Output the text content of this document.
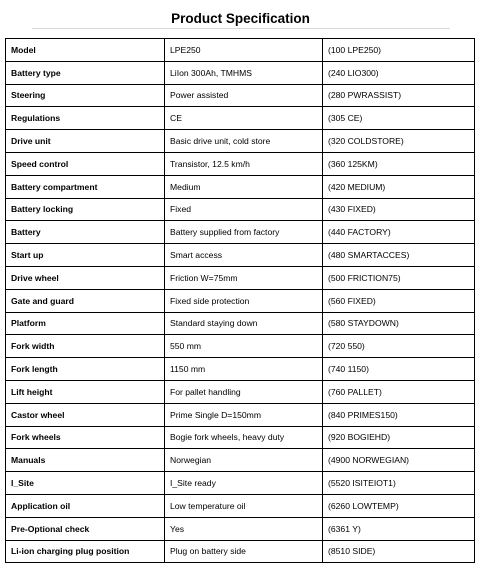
Product Specification
Model	LPE250	(100 LPE250)
Battery type	LiIon 300Ah, TMHMS	(240 LIO300)
Steering	Power assisted	(280 PWRASSIST)
Regulations	CE	(305 CE)
Drive unit	Basic drive unit, cold store	(320 COLDSTORE)
Speed control	Transistor, 12.5 km/h	(360 125KM)
Battery compartment	Medium	(420 MEDIUM)
Battery locking	Fixed	(430 FIXED)
Battery	Battery supplied from factory	(440 FACTORY)
Start up	Smart access	(480 SMARTACCES)
Drive wheel	Friction W=75mm	(500 FRICTION75)
Gate and guard	Fixed side protection	(560 FIXED)
Platform	Standard staying down	(580 STAYDOWN)
Fork width	550 mm	(720 550)
Fork length	1150 mm	(740 1150)
Lift height	For pallet handling	(760 PALLET)
Castor wheel	Prime Single D=150mm	(840 PRIMES150)
Fork wheels	Bogie fork wheels, heavy duty	(920 BOGIEHD)
Manuals	Norwegian	(4900 NORWEGIAN)
I_Site	I_Site ready	(5520 ISITEIOT1)
Application oil	Low temperature oil	(6260 LOWTEMP)
Pre-Optional check	Yes	(6361 Y)
Li-ion charging plug position	Plug on battery side	(8510 SIDE)
